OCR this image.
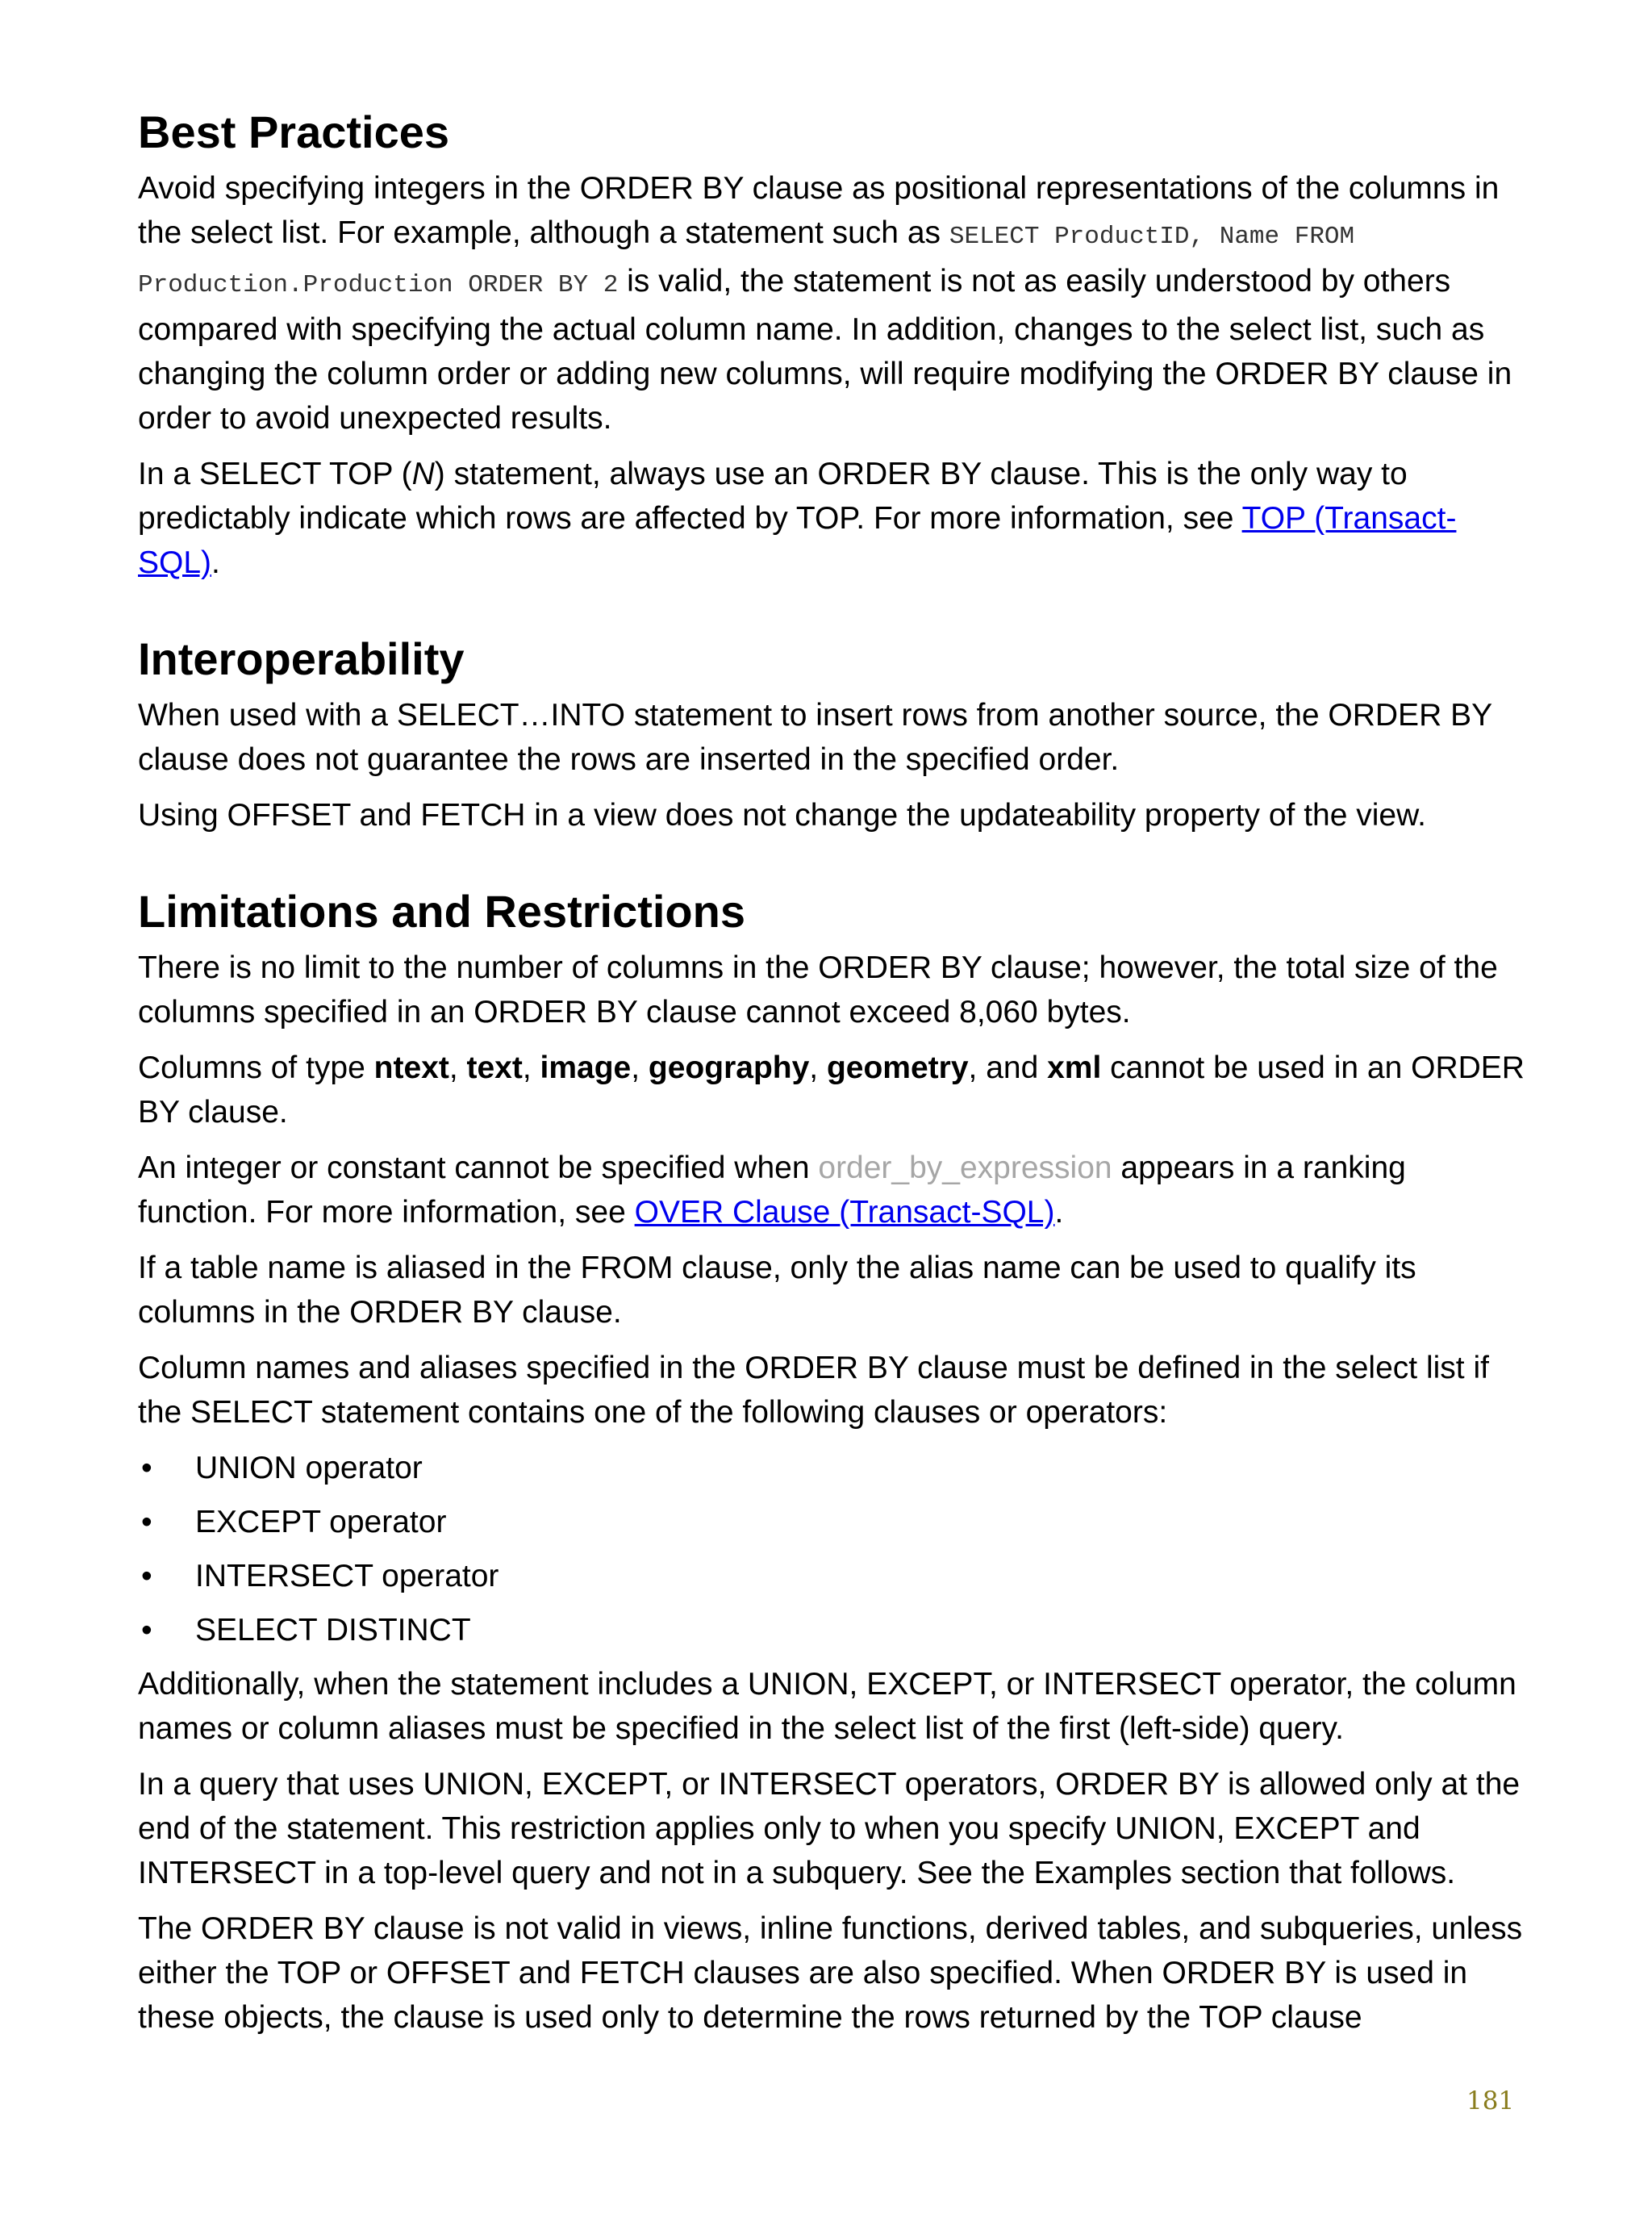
Best Practices

Avoid specifying integers in the ORDER BY clause as positional representations of the columns in the select list. For example, although a statement such as SELECT ProductID, Name FROM Production.Production ORDER BY 2 is valid, the statement is not as easily understood by others compared with specifying the actual column name. In addition, changes to the select list, such as changing the column order or adding new columns, will require modifying the ORDER BY clause in order to avoid unexpected results.

In a SELECT TOP (N) statement, always use an ORDER BY clause. This is the only way to predictably indicate which rows are affected by TOP. For more information, see TOP (Transact-SQL).

Interoperability

When used with a SELECT…INTO statement to insert rows from another source, the ORDER BY clause does not guarantee the rows are inserted in the specified order.

Using OFFSET and FETCH in a view does not change the updateability property of the view.

Limitations and Restrictions

There is no limit to the number of columns in the ORDER BY clause; however, the total size of the columns specified in an ORDER BY clause cannot exceed 8,060 bytes.

Columns of type ntext, text, image, geography, geometry, and xml cannot be used in an ORDER BY clause.

An integer or constant cannot be specified when order_by_expression appears in a ranking function. For more information, see OVER Clause (Transact-SQL).

If a table name is aliased in the FROM clause, only the alias name can be used to qualify its columns in the ORDER BY clause.

Column names and aliases specified in the ORDER BY clause must be defined in the select list if the SELECT statement contains one of the following clauses or operators:

• UNION operator
• EXCEPT operator
• INTERSECT operator
• SELECT DISTINCT

Additionally, when the statement includes a UNION, EXCEPT, or INTERSECT operator, the column names or column aliases must be specified in the select list of the first (left-side) query.

In a query that uses UNION, EXCEPT, or INTERSECT operators, ORDER BY is allowed only at the end of the statement. This restriction applies only to when you specify UNION, EXCEPT and INTERSECT in a top-level query and not in a subquery. See the Examples section that follows.

The ORDER BY clause is not valid in views, inline functions, derived tables, and subqueries, unless either the TOP or OFFSET and FETCH clauses are also specified. When ORDER BY is used in these objects, the clause is used only to determine the rows returned by the TOP clause

181
